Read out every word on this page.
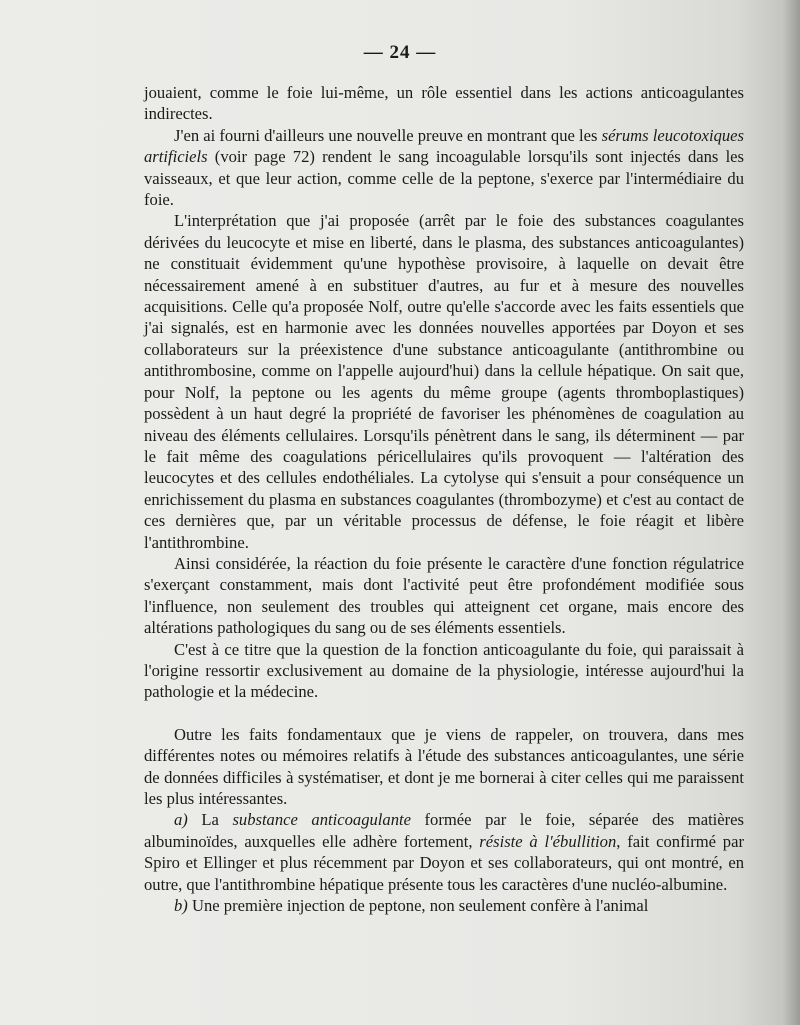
— 24 —

jouaient, comme le foie lui-même, un rôle essentiel dans les actions anticoagulantes indirectes.

J'en ai fourni d'ailleurs une nouvelle preuve en montrant que les sérums leucotoxiques artificiels (voir page 72) rendent le sang incoagulable lorsqu'ils sont injectés dans les vaisseaux, et que leur action, comme celle de la peptone, s'exerce par l'intermédiaire du foie.

L'interprétation que j'ai proposée (arrêt par le foie des substances coagulantes dérivées du leucocyte et mise en liberté, dans le plasma, des substances anticoagulantes) ne constituait évidemment qu'une hypothèse provisoire, à laquelle on devait être nécessairement amené à en substituer d'autres, au fur et à mesure des nouvelles acquisitions. Celle qu'a proposée Nolf, outre qu'elle s'accorde avec les faits essentiels que j'ai signalés, est en harmonie avec les données nouvelles apportées par Doyon et ses collaborateurs sur la préexistence d'une substance anticoagulante (antithrombine ou antithrombosine, comme on l'appelle aujourd'hui) dans la cellule hépatique. On sait que, pour Nolf, la peptone ou les agents du même groupe (agents thromboplastiques) possèdent à un haut degré la propriété de favoriser les phénomènes de coagulation au niveau des éléments cellulaires. Lorsqu'ils pénètrent dans le sang, ils déterminent — par le fait même des coagulations péricellulaires qu'ils provoquent — l'altération des leucocytes et des cellules endothéliales. La cytolyse qui s'ensuit a pour conséquence un enrichissement du plasma en substances coagulantes (thrombozyme) et c'est au contact de ces dernières que, par un véritable processus de défense, le foie réagit et libère l'antithrombine.

Ainsi considérée, la réaction du foie présente le caractère d'une fonction régulatrice s'exerçant constamment, mais dont l'activité peut être profondément modifiée sous l'influence, non seulement des troubles qui atteignent cet organe, mais encore des altérations pathologiques du sang ou de ses éléments essentiels.

C'est à ce titre que la question de la fonction anticoagulante du foie, qui paraissait à l'origine ressortir exclusivement au domaine de la physiologie, intéresse aujourd'hui la pathologie et la médecine.

Outre les faits fondamentaux que je viens de rappeler, on trouvera, dans mes différentes notes ou mémoires relatifs à l'étude des substances anticoagulantes, une série de données difficiles à systématiser, et dont je me bornerai à citer celles qui me paraissent les plus intéressantes.

a) La substance anticoagulante formée par le foie, séparée des matières albuminoïdes, auxquelles elle adhère fortement, résiste à l'ébullition, fait confirmé par Spiro et Ellinger et plus récemment par Doyon et ses collaborateurs, qui ont montré, en outre, que l'antithrombine hépatique présente tous les caractères d'une nucléo-albumine.

b) Une première injection de peptone, non seulement confère à l'animal
